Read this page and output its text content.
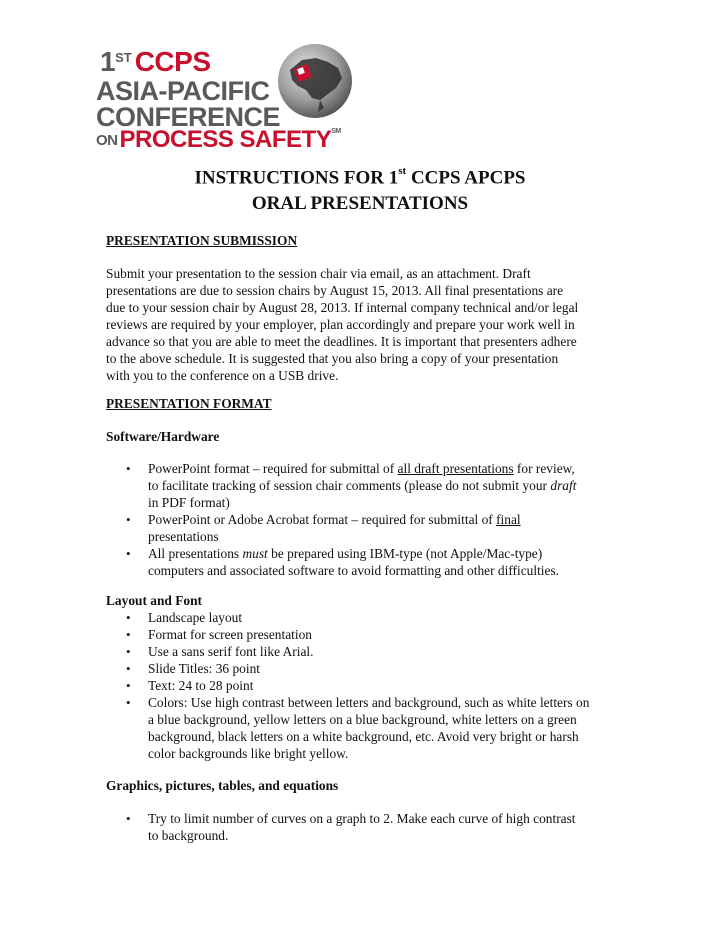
1ST CCPS
ASIA-PACIFIC
CONFERENCE
ONPROCESS SAFETY℠
INSTRUCTIONS FOR 1st CCPS APCPS
ORAL PRESENTATIONS
PRESENTATION SUBMISSION
Submit your presentation to the session chair via email, as an attachment. Draft
presentations are due to session chairs by August 15, 2013. All final presentations are
due to your session chair by August 28, 2013. If internal company technical and/or legal
reviews are required by your employer, plan accordingly and prepare your work well in
advance so that you are able to meet the deadlines. It is important that presenters adhere
to the above schedule. It is suggested that you also bring a copy of your presentation
with you to the conference on a USB drive.
PRESENTATION FORMAT
Software/Hardware
• PowerPoint format – required for submittal of all draft presentations for review,
to facilitate tracking of session chair comments (please do not submit your draft
in PDF format)
• PowerPoint or Adobe Acrobat format – required for submittal of final
presentations
• All presentations must be prepared using IBM-type (not Apple/Mac-type)
computers and associated software to avoid formatting and other difficulties.
Layout and Font
• Landscape layout
• Format for screen presentation
• Use a sans serif font like Arial.
• Slide Titles: 36 point
• Text: 24 to 28 point
• Colors: Use high contrast between letters and background, such as white letters on
a blue background, yellow letters on a blue background, white letters on a green
background, black letters on a white background, etc. Avoid very bright or harsh
color backgrounds like bright yellow.
Graphics, pictures, tables, and equations
• Try to limit number of curves on a graph to 2. Make each curve of high contrast
to background.
